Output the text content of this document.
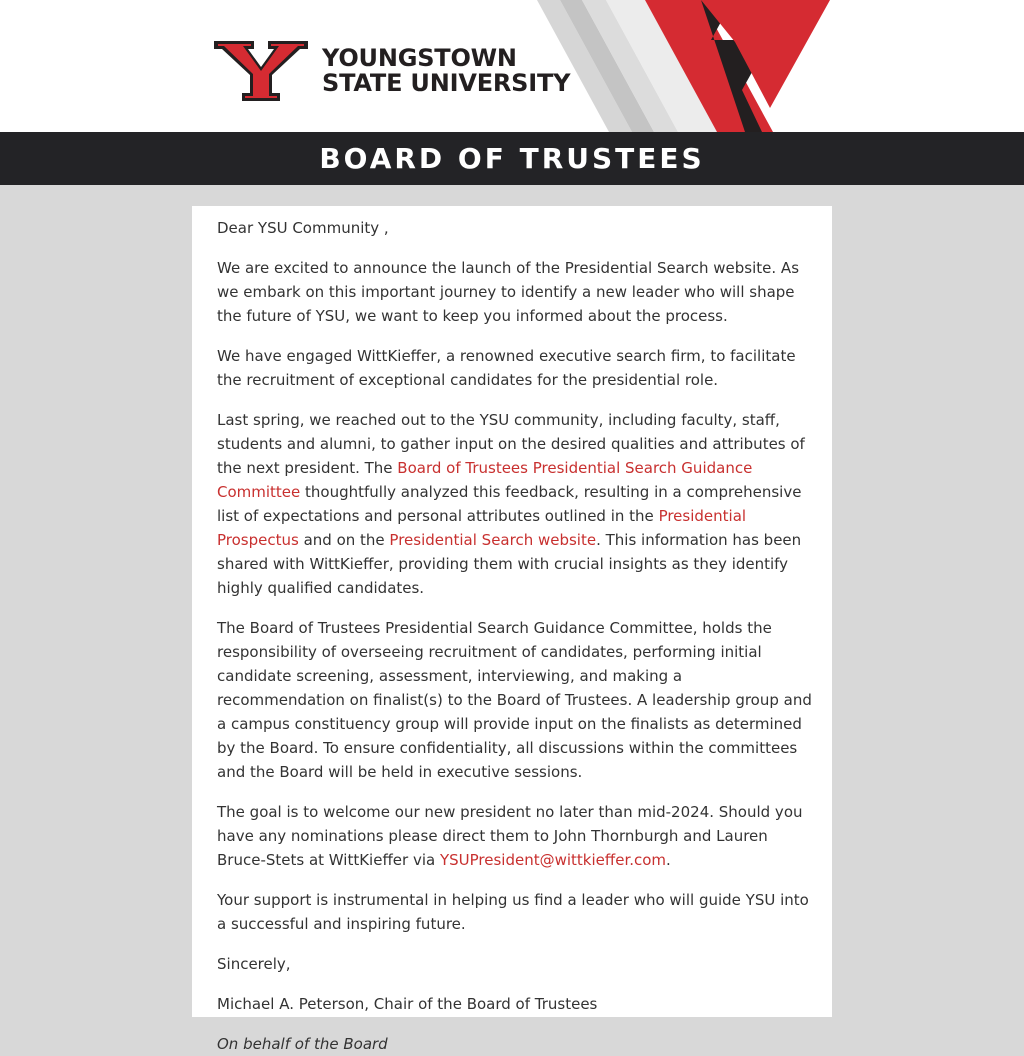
YOUNGSTOWN
STATE UNIVERSITY
BOARD OF TRUSTEES

Dear YSU Community ,

We are excited to announce the launch of the Presidential Search website. As we embark on this important journey to identify a new leader who will shape the future of YSU, we want to keep you informed about the process.

We have engaged WittKieffer, a renowned executive search firm, to facilitate the recruitment of exceptional candidates for the presidential role.

Last spring, we reached out to the YSU community, including faculty, staff, students and alumni, to gather input on the desired qualities and attributes of the next president. The Board of Trustees Presidential Search Guidance Committee thoughtfully analyzed this feedback, resulting in a comprehensive list of expectations and personal attributes outlined in the Presidential Prospectus and on the Presidential Search website. This information has been shared with WittKieffer, providing them with crucial insights as they identify highly qualified candidates.

The Board of Trustees Presidential Search Guidance Committee, holds the responsibility of overseeing recruitment of candidates, performing initial candidate screening, assessment, interviewing, and making a recommendation on finalist(s) to the Board of Trustees. A leadership group and a campus constituency group will provide input on the finalists as determined by the Board. To ensure confidentiality, all discussions within the committees and the Board will be held in executive sessions.

The goal is to welcome our new president no later than mid-2024. Should you have any nominations please direct them to John Thornburgh and Lauren Bruce-Stets at WittKieffer via YSUPresident@wittkieffer.com.

Your support is instrumental in helping us find a leader who will guide YSU into a successful and inspiring future.

Sincerely,

Michael A. Peterson, Chair of the Board of Trustees

On behalf of the Board
